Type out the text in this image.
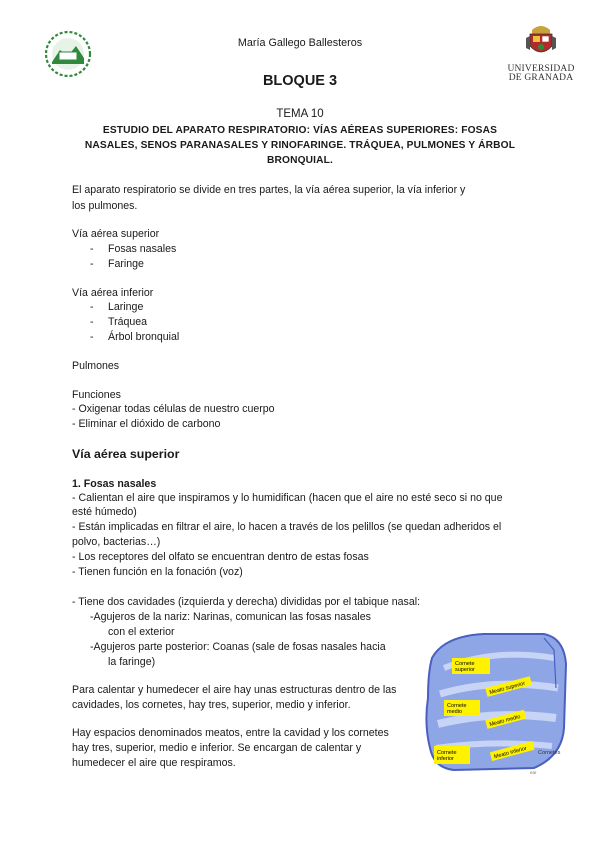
UNIVERSIDAD
DE GRANADA
María Gallego Ballesteros
BLOQUE 3
TEMA 10
ESTUDIO DEL APARATO RESPIRATORIO: VÍAS AÉREAS SUPERIORES: FOSAS NASALES, SENOS PARANASALES Y RINOFARINGE. TRÁQUEA, PULMONES Y ÁRBOL BRONQUIAL.
El aparato respiratorio se divide en tres partes, la vía aérea superior, la vía inferior y los pulmones.
Vía aérea superior
- Fosas nasales
- Faringe
Vía aérea inferior
- Laringe
- Tráquea
- Árbol bronquial
Pulmones
Funciones
- Oxigenar todas células de nuestro cuerpo
- Eliminar el dióxido de carbono
Vía aérea superior
1. Fosas nasales
- Calientan el aire que inspiramos y lo humidifican (hacen que el aire no esté seco si no que
esté húmedo)
- Están implicadas en filtrar el aire, lo hacen a través de los pelillos (se quedan adheridos el
polvo, bacterias…)
- Los receptores del olfato se encuentran dentro de estas fosas
- Tienen función en la fonación (voz)
- Tiene dos cavidades (izquierda y derecha) divididas por el tabique nasal:
-Agujeros de la nariz: Narinas, comunican las fosas nasales
con el exterior
-Agujeros parte posterior: Coanas (sale de fosas nasales hacia
la faringe)
Para calentar y humedecer el aire hay unas estructuras dentro de las
cavidades, los cornetes, hay tres, superior, medio y inferior.
Hay espacios denominados meatos, entre la cavidad y los cornetes
hay tres, superior, medio e inferior. Se encargan de calentar y
humedecer el aire que respiramos.
Cornete
superior
Meato superior
Cornete
medio
Meato medio
Cornete
inferior	Meato inferior Cornetes
ear
